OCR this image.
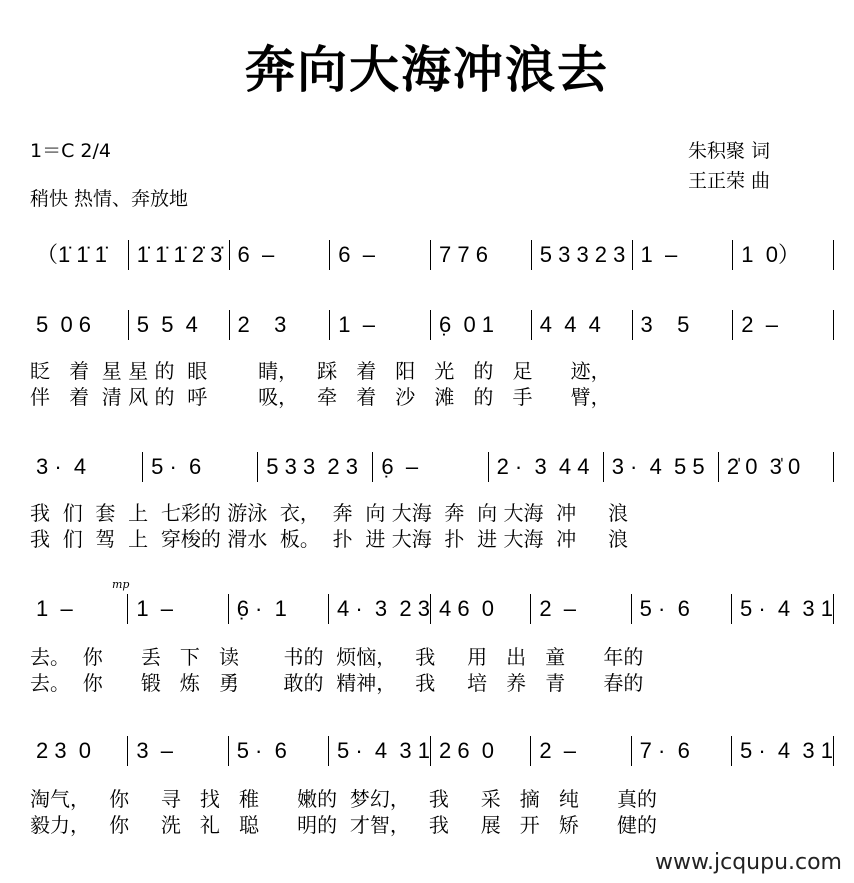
奔向大海冲浪去
1＝C 2/4
稍快 热情、奔放地
朱积聚 词
王正荣 曲
mp
（1̇ 1̇ 1̇	1̇ 1̇ 1̇ 2̇ 3̇ 6  –	6  –	7 7 6	5 3 3 2 3 1  –	1  0）
5  0 6	5  5  4	2    3	1  –	6̣  0 1	4  4  4	3    5	2  –
眨   着  星 星 的  眼        睛，   踩   着   阳   光   的   足      迹，
伴   着  清 风 的  呼        吸，   牵   着   沙   滩   的   手      臂，
3 ·  4	5 ·  6	5 3 3  2 3	6̣  –	2 ·  3  4 4	3 ·  4  5 5	2̍ 0  3̍ 0
我  们  套  上  七彩的 游泳  衣，  奔  向 大海  奔  向 大海  冲     浪
我  们  驾  上  穿梭的 滑水  板。  扑  进 大海  扑  进 大海  冲     浪
1  –	1  –	6̣ ·  1	4 ·  3  2 3 4 6  0	2  –	5 ·  6	5 ·  4  3 1
去。  你      丢   下   读       书的  烦恼，   我     用   出   童      年的
去。  你      锻   炼   勇       敢的  精神，   我     培   养   青      春的
2 3  0	3  –	5 ·  6	5 ·  4  3 1 2 6  0	2  –	7 ·  6	5 ·  4  3 1
淘气，   你     寻   找   稚      嫩的  梦幻，   我     采   摘   纯      真的
毅力，   你     洗   礼   聪      明的  才智，   我     展   开   矫      健的
www.jcqupu.com
